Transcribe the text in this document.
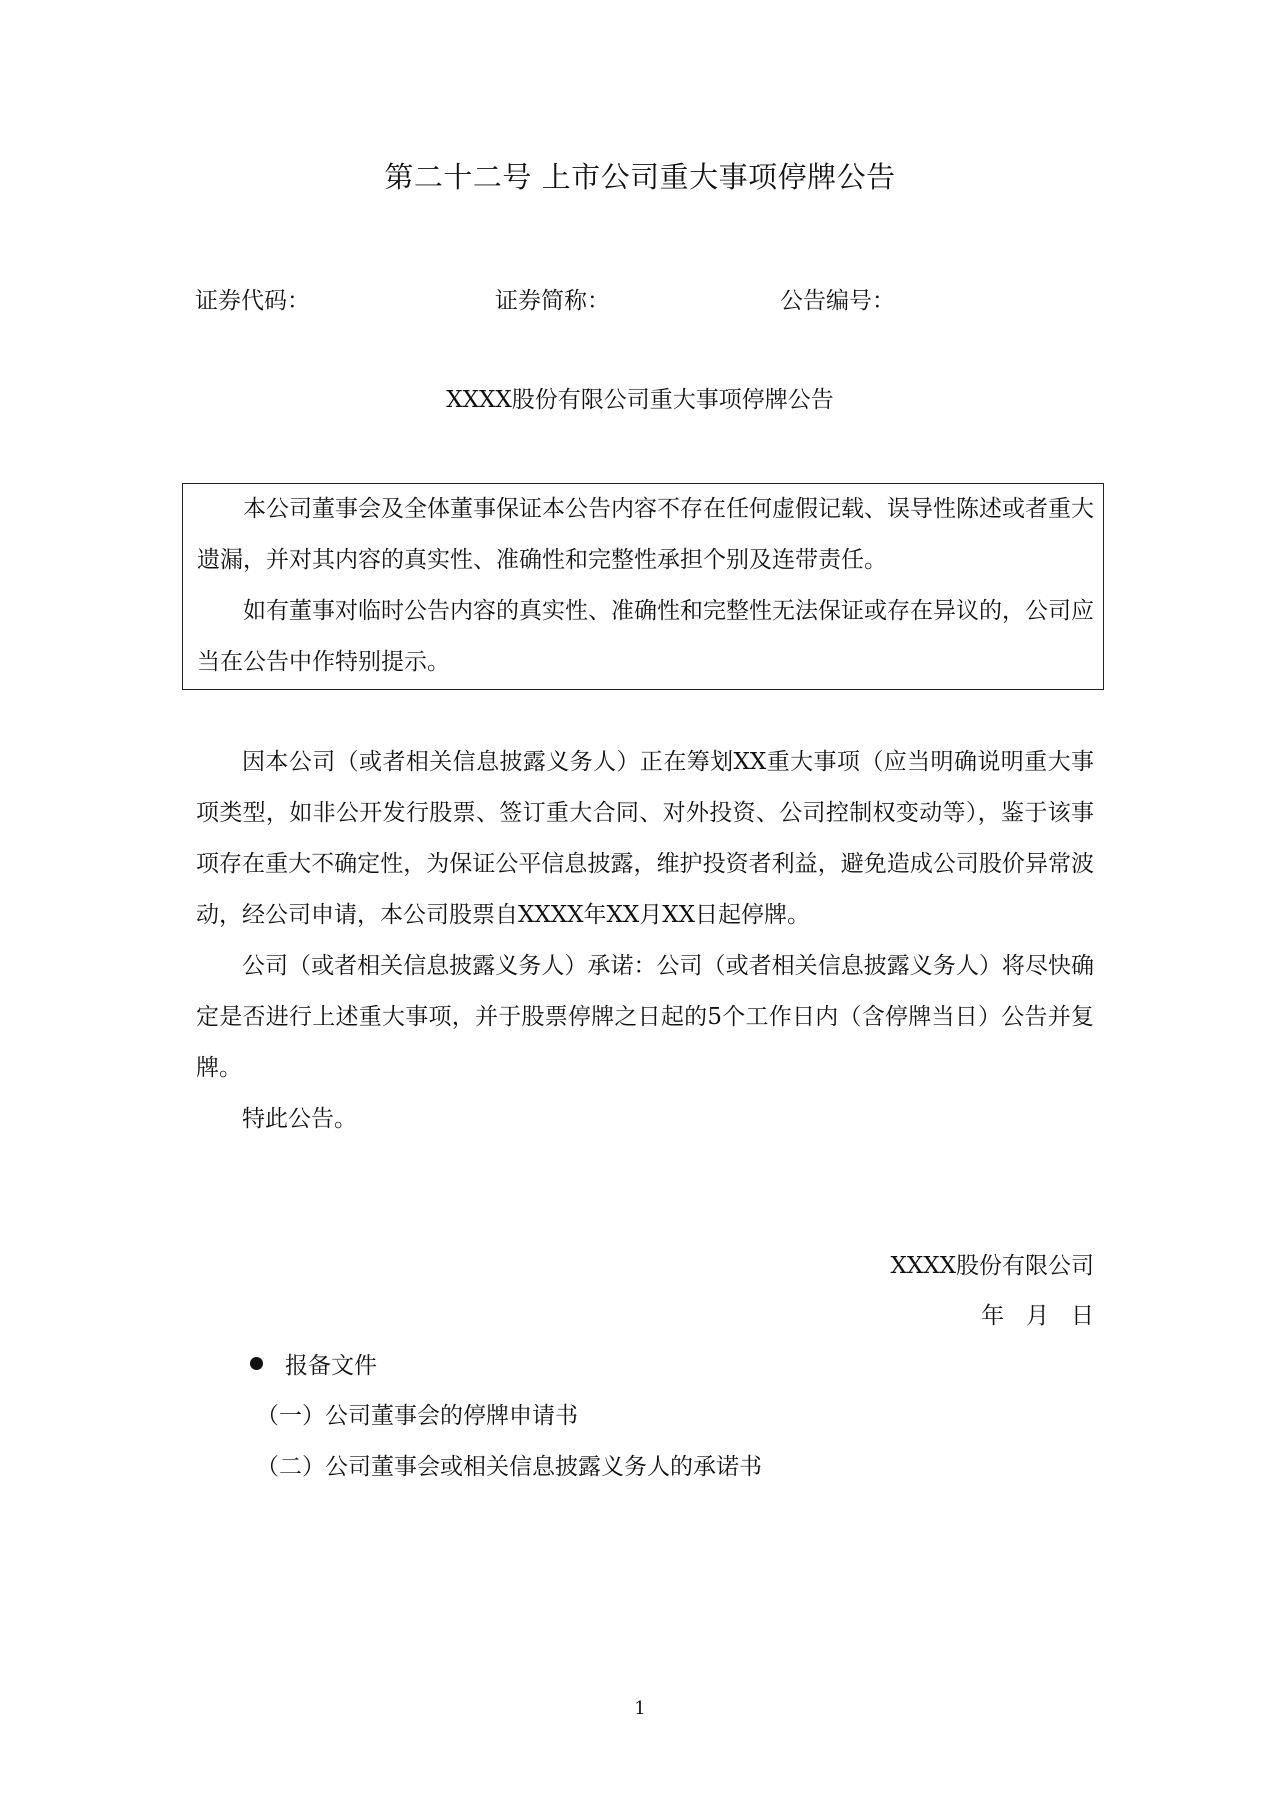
第二十二号 上市公司重大事项停牌公告
证券代码：	证券简称：	公告编号：
XXXX股份有限公司重大事项停牌公告
本公司董事会及全体董事保证本公告内容不存在任何虚假记载、误导性陈述或者重大遗漏，并对其内容的真实性、准确性和完整性承担个别及连带责任。
如有董事对临时公告内容的真实性、准确性和完整性无法保证或存在异议的，公司应当在公告中作特别提示。

因本公司（或者相关信息披露义务人）正在筹划XX重大事项（应当明确说明重大事项类型，如非公开发行股票、签订重大合同、对外投资、公司控制权变动等），鉴于该事项存在重大不确定性，为保证公平信息披露，维护投资者利益，避免造成公司股价异常波动，经公司申请，本公司股票自XXXX年XX月XX日起停牌。

公司（或者相关信息披露义务人）承诺：公司（或者相关信息披露义务人）将尽快确定是否进行上述重大事项，并于股票停牌之日起的5个工作日内（含停牌当日）公告并复牌。

特此公告。

XXXX股份有限公司
年   月   日
报备文件
（一）公司董事会的停牌申请书
（二）公司董事会或相关信息披露义务人的承诺书
1
